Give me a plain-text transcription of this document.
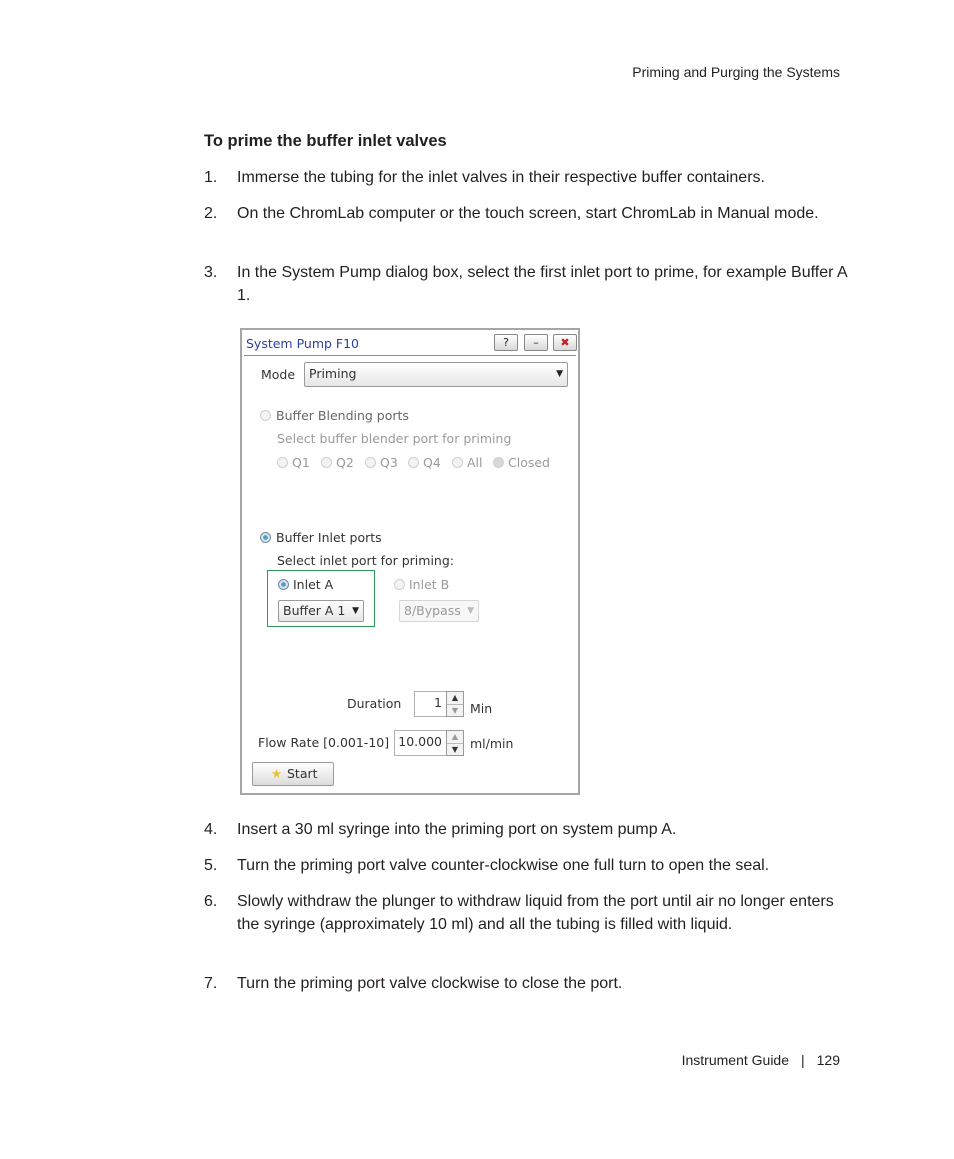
Priming and Purging the Systems
To prime the buffer inlet valves
1. Immerse the tubing for the inlet valves in their respective buffer containers.
2. On the ChromLab computer or the touch screen, start ChromLab in Manual mode.
3. In the System Pump dialog box, select the first inlet port to prime, for example Buffer A 1.
System Pump F10	?	–	✖
Mode	Priming	▼
Buffer Blending ports
Select buffer blender port for priming
Q1 Q2 Q3 Q4 All Closed
Buffer Inlet ports
Select inlet port for priming:
Inlet A
Buffer A 1 ▼
Inlet B
8/Bypass ▼
Duration	1	▲
▼ Min
Flow Rate [0.001-10] 10.000	▲
▼ ml/min
★ Start
4. Insert a 30 ml syringe into the priming port on system pump A.
5. Turn the priming port valve counter-clockwise one full turn to open the seal.
6. Slowly withdraw the plunger to withdraw liquid from the port until air no longer enters the syringe (approximately 10 ml) and all the tubing is filled with liquid.
7. Turn the priming port valve clockwise to close the port.
Instrument Guide | 129
